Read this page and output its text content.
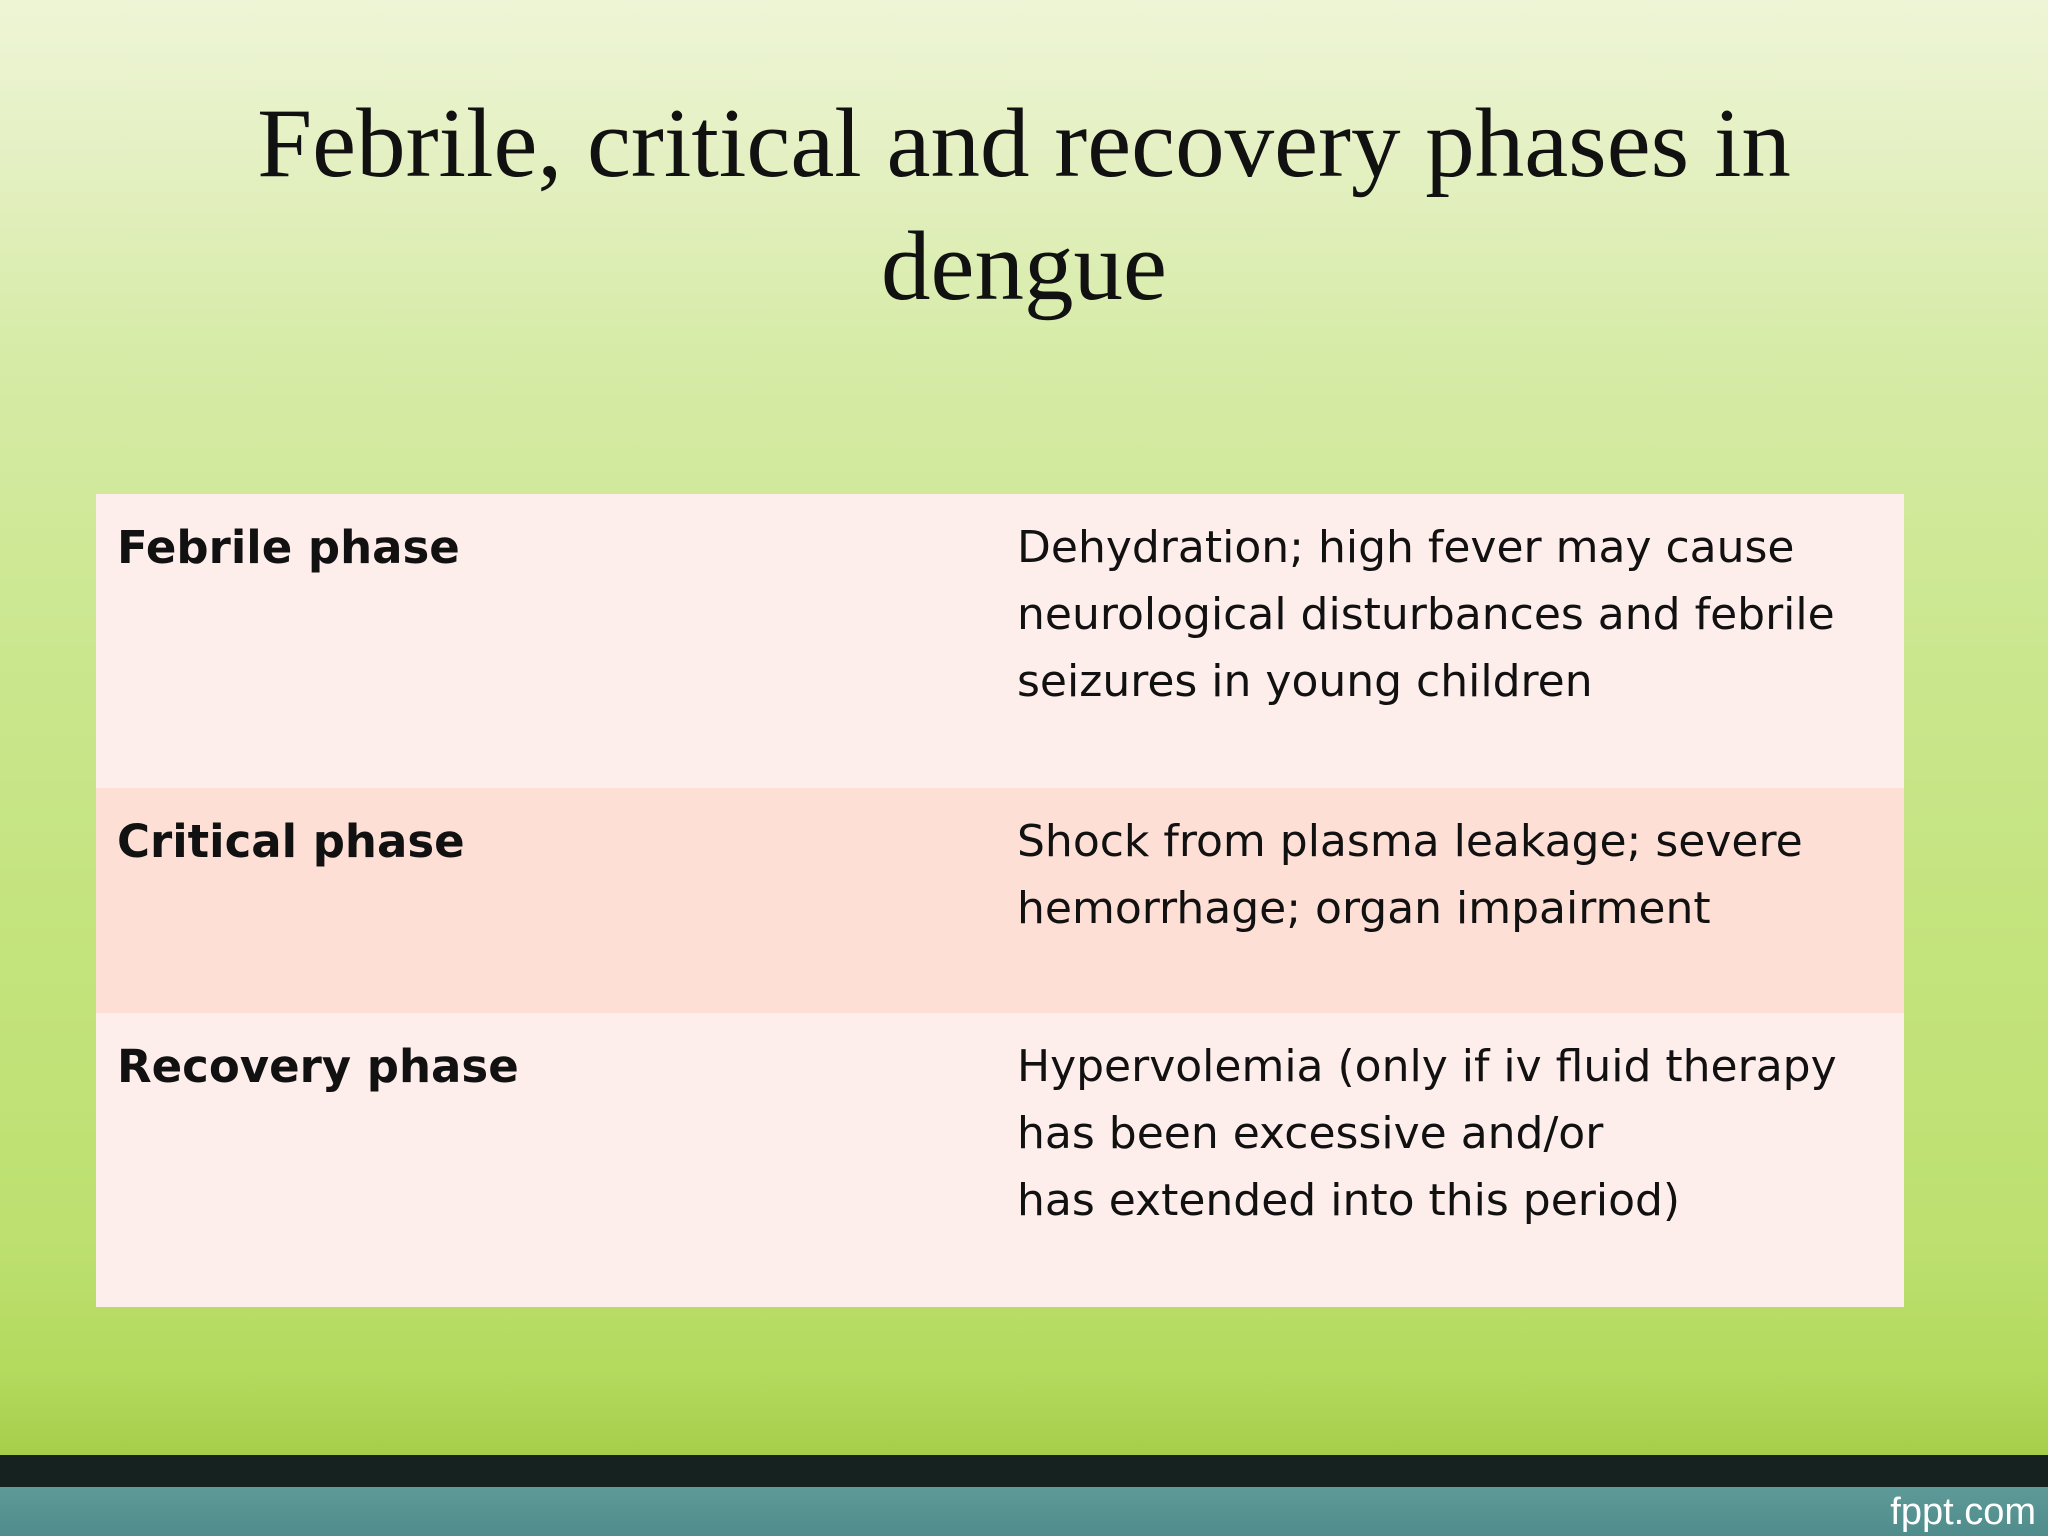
Febrile, critical and recovery phases in dengue
Febrile phase	Dehydration; high fever may cause
neurological disturbances and febrile
seizures in young children
Critical phase	Shock from plasma leakage; severe
hemorrhage; organ impairment
Recovery phase	Hypervolemia (only if iv fluid therapy
has been excessive and/or
has extended into this period)
fppt.com
